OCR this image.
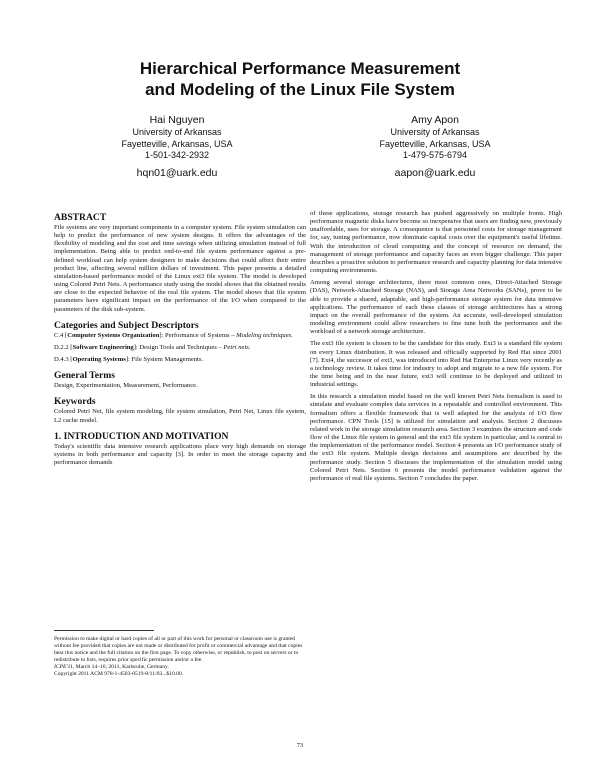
Hierarchical Performance Measurement
and Modeling of the Linux File System
Hai Nguyen
University of Arkansas
Fayetteville, Arkansas, USA
1-501-342-2932
hqn01@uark.edu
Amy Apon
University of Arkansas
Fayetteville, Arkansas, USA
1-479-575-6794
aapon@uark.edu
ABSTRACT

File systems are very important components in a computer system. File system simulation can help to predict the performance of new system designs. It offers the advantages of the flexibility of modeling and the cost and time savings when utilizing simulation instead of full implementation. Being able to predict end-to-end file system performance against a pre-defined workload can help system designers to make decisions that could affect their entire product line, affecting several million dollars of investment. This paper presents a detailed simulation-based performance model of the Linux ext3 file system. The model is developed using Colored Petri Nets. A performance study using the model shows that the obtained results are close to the expected behavior of the real file system. The model shows that file system parameters have significant impact on the performance of the I/O when compared to the parameters of the disk sub-system.

Categories and Subject Descriptors

C.4 [Computer Systems Organization]: Performance of Systems – Modeling techniques.

D.2.2 [Software Engineering]: Design Tools and Techniques – Petri nets.

D.4.3 [Operating Systems]: File System Managements.

General Terms

Design, Experimentation, Measurement, Performance.

Keywords

Colored Petri Net, file system modeling, file system simulation, Petri Net, Linux file system, L2 cache model.

1. INTRODUCTION AND MOTIVATION

Today's scientific data intensive research applications place very high demands on storage systems in both performance and capacity [3]. In order to meet the storage capacity and performance demands

Permission to make digital or hard copies of all or part of this work for personal or classroom use is granted without fee provided that copies are not made or distributed for profit or commercial advantage and that copies bear this notice and the full citation on the first page. To copy otherwise, or republish, to post on servers or to redistribute to lists, requires prior specific permission and/or a fee.
ICPE'11, March 14–16, 2011, Karlsruhe, Germany.
Copyright 2011 ACM 978-1-4503-0519-8/11/03...$10.00.

of these applications, storage research has pushed aggressively on multiple fronts. High performance magnetic disks have become so inexpensive that users are finding new, previously unaffordable, uses for storage. A consequence is that personnel costs for storage management for, say, tuning performance, now dominate capital costs over the equipment's useful lifetime. With the introduction of cloud computing and the concept of resource on demand, the management of storage performance and capacity faces an even bigger challenge. This paper describes a proactive solution to performance research and capacity planning for data intensive computing environments.

Among several storage architectures, three most common ones, Direct-Attached Storage (DAS), Network-Attached Storage (NAS), and Storage Area Networks (SANs), prove to be able to provide a shared, adaptable, and high-performance storage system for data intensive applications. The performance of each these classes of storage architectures has a strong impact on the overall performance of the system. An accurate, well-developed simulation modeling environment could allow researchers to fine tune both the performance and the workload of a network storage architecture.

The ext3 file system is chosen to be the candidate for this study. Ext3 is a standard file system on every Linux distribution. It was released and officially supported by Red Hat since 2001 [7]. Ext4, the successor of ext3, was introduced into Red Hat Enterprise Linux very recently as a technology review. It takes time for industry to adopt and migrate to a new file system. For the time being and in the near future, ext3 will continue to be deployed and utilized in industrial settings.

In this research a simulation model based on the well known Petri Nets formalism is used to simulate and evaluate complex data services in a repeatable and controlled environment. This formalism offers a flexible framework that is well adapted for the analysis of I/O flow performance. CPN Tools [15] is utilized for simulation and analysis. Section 2 discusses related work in the storage simulation research area. Section 3 examines the structure and code flow of the Linux file system in general and the ext3 file system in particular, and is central to the implementation of the performance model. Section 4 presents an I/O performance study of the ext3 file system. Multiple design decisions and assumptions are described by the performance study. Section 5 discusses the implementation of the simulation model using Colored Petri Nets. Section 6 presents the model performance validation against the performance of real file systems. Section 7 concludes the paper.

73
